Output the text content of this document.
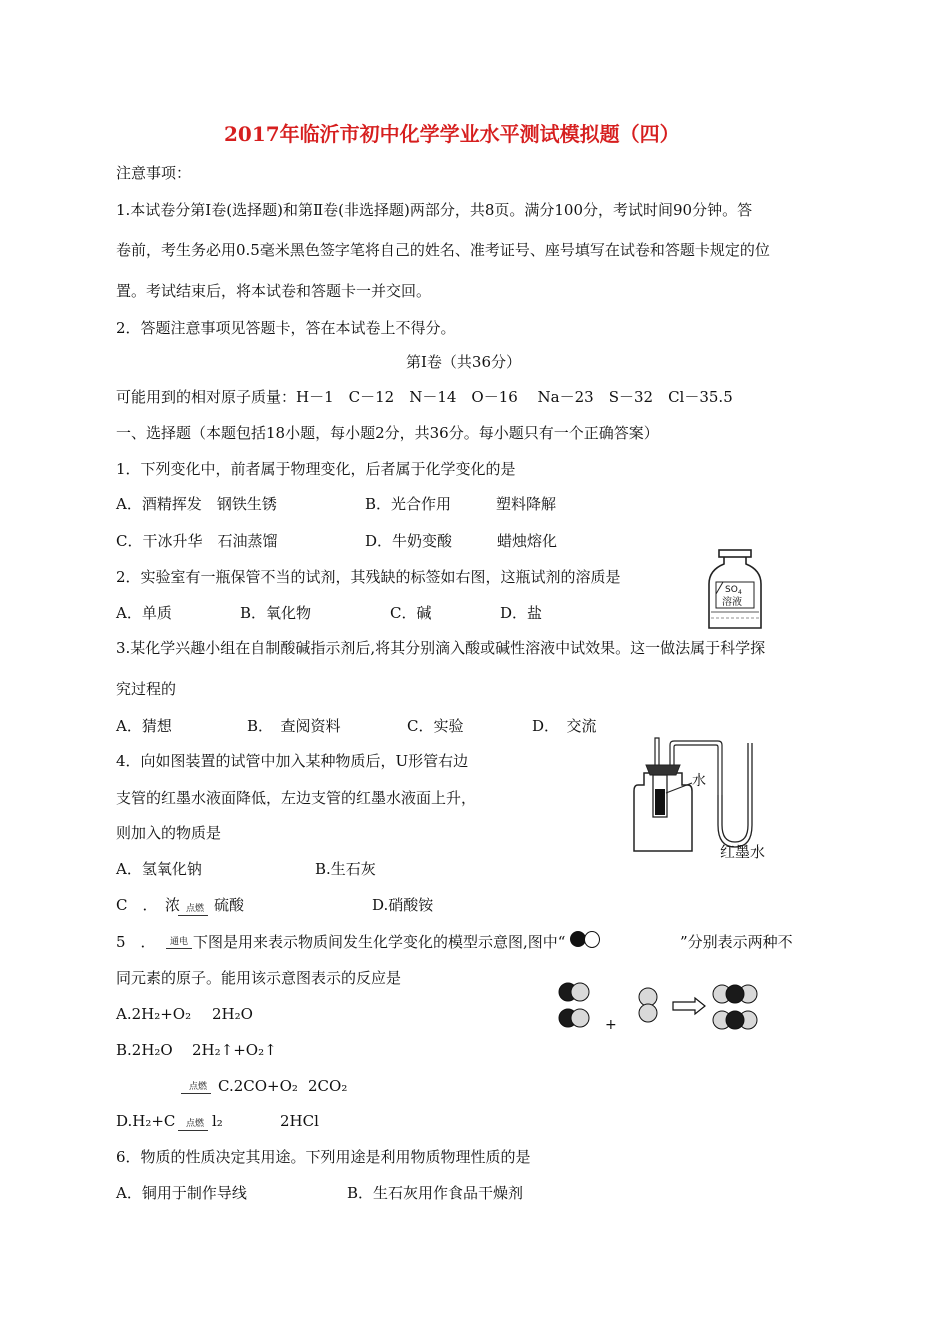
2017年临沂市初中化学学业水平测试模拟题（四）
注意事项：
1.本试卷分第Ⅰ卷(选择题)和第Ⅱ卷(非选择题)两部分，共8页。满分100分，考试时间90分钟。答
卷前，考生务必用0.5毫米黑色签字笔将自己的姓名、准考证号、座号填写在试卷和答题卡规定的位
置。考试结束后，将本试卷和答题卡一并交回。
2．答题注意事项见答题卡，答在本试卷上不得分。
第Ⅰ卷（共36分）
可能用到的相对原子质量：H－1　C－12　N－14　O－16　 Na－23　S－32　Cl－35.5
一、选择题（本题包括18小题，每小题2分，共36分。每小题只有一个正确答案）
1．下列变化中，前者属于物理变化，后者属于化学变化的是
A．酒精挥发　钢铁生锈	B．光合作用　　　塑料降解
C．干冰升华　石油蒸馏	D．牛奶变酸　　　蜡烛熔化
2．实验室有一瓶保管不当的试剂，其残缺的标签如右图，这瓶试剂的溶质是
A．单质	B．氧化物	C．碱	D．盐
SO 4
溶液
3.某化学兴趣小组在自制酸碱指示剂后,将其分别滴入酸或碱性溶液中试效果。这一做法属于科学探
究过程的
A．猜想	B．　查阅资料	C．实验	D．　交流
4．向如图装置的试管中加入某种物质后，U形管右边
支管的红墨水液面降低，左边支管的红墨水液面上升，
则加入的物质是
A．氢氧化钠	B.生石灰
C　．　浓 点燃 硫酸	D.硝酸铵
水
红墨水
5　．	通电 下图是用来表示物质间发生化学变化的模型示意图,图中“	”分别表示两种不
同元素的原子。能用该示意图表示的反应是
A.2H₂+O₂ 2H₂O
B.2H₂O 2H₂↑+O₂↑
点燃 C.2CO+O₂ 2CO₂
D.H₂+C	点燃 l₂	2HCl
+
6．物质的性质决定其用途。下列用途是利用物质物理性质的是
A．铜用于制作导线	B．生石灰用作食品干燥剂
